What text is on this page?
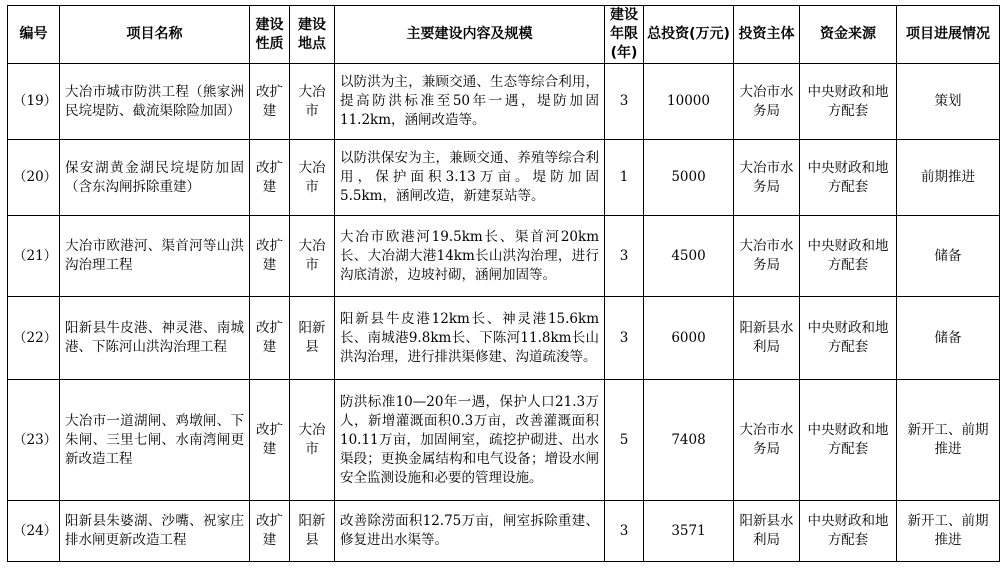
编号	项目名称	建设性质	建设地点	主要建设内容及规模	建设年限(年)	总投资(万元)	投资主体	资金来源	项目进展情况
（19）	大冶市城市防洪工程（熊家洲民垸堤防、截流渠除险加固）	改扩建	大冶市	以防洪为主，兼顾交通、生态等综合利用，提高防洪标准至50年一遇，堤防加固11.2km，涵闸改造等。	3	10000	大冶市水务局	中央财政和地方配套	策划
（20）	保安湖黄金湖民垸堤防加固（含东沟闸拆除重建）	改扩建	大冶市	以防洪保安为主，兼顾交通、养殖等综合利用，保护面积3.13万亩。堤防加固5.5km，涵闸改造，新建泵站等。	1	5000	大冶市水务局	中央财政和地方配套	前期推进
（21）	大冶市欧港河、渠首河等山洪沟治理工程	改扩建	大冶市	大冶市欧港河19.5km长、渠首河20km长、大冶湖大港14km长山洪沟治理，进行沟底清淤，边坡衬砌，涵闸加固等。	3	4500	大冶市水务局	中央财政和地方配套	储备
（22）	阳新县牛皮港、神灵港、南城港、下陈河山洪沟治理工程	改扩建	阳新县	阳新县牛皮港12km长、神灵港15.6km长、南城港9.8km长、下陈河11.8km长山洪沟治理，进行排洪渠修建、沟道疏浚等。	3	6000	阳新县水利局	中央财政和地方配套	储备
（23）	大冶市一道湖闸、鸡墩闸、下朱闸、三里七闸、水南湾闸更新改造工程	改扩建	大冶市	防洪标准10—20年一遇，保护人口21.3万人，新增灌溉面积0.3万亩，改善灌溉面积10.11万亩，加固闸室，疏挖护砌进、出水渠段；更换金属结构和电气设备；增设水闸安全监测设施和必要的管理设施。	5	7408	大冶市水务局	中央财政和地方配套	新开工、前期推进
（24）	阳新县朱婆湖、沙嘴、祝家庄排水闸更新改造工程	改扩建	阳新县	改善除涝面积12.75万亩，闸室拆除重建、修复进出水渠等。	3	3571	阳新县水利局	中央财政和地方配套	新开工、前期推进
